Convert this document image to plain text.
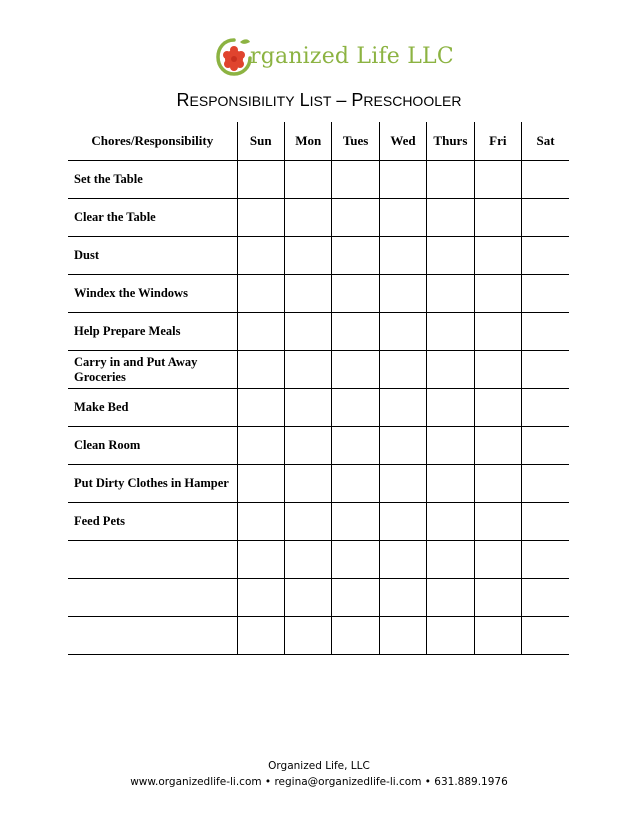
rganized Life LLC
RESPONSIBILITY LIST – PRESCHOOLER
Chores/Responsibility	Sun	Mon	Tues	Wed	Thurs	Fri	Sat
Set the Table							
Clear the Table							
Dust							
Windex the Windows							
Help Prepare Meals							
Carry in and Put Away Groceries							
Make Bed							
Clean Room							
Put Dirty Clothes in Hamper							
Feed Pets							

Organized Life, LLC
www.organizedlife-li.com • regina@organizedlife-li.com • 631.889.1976
